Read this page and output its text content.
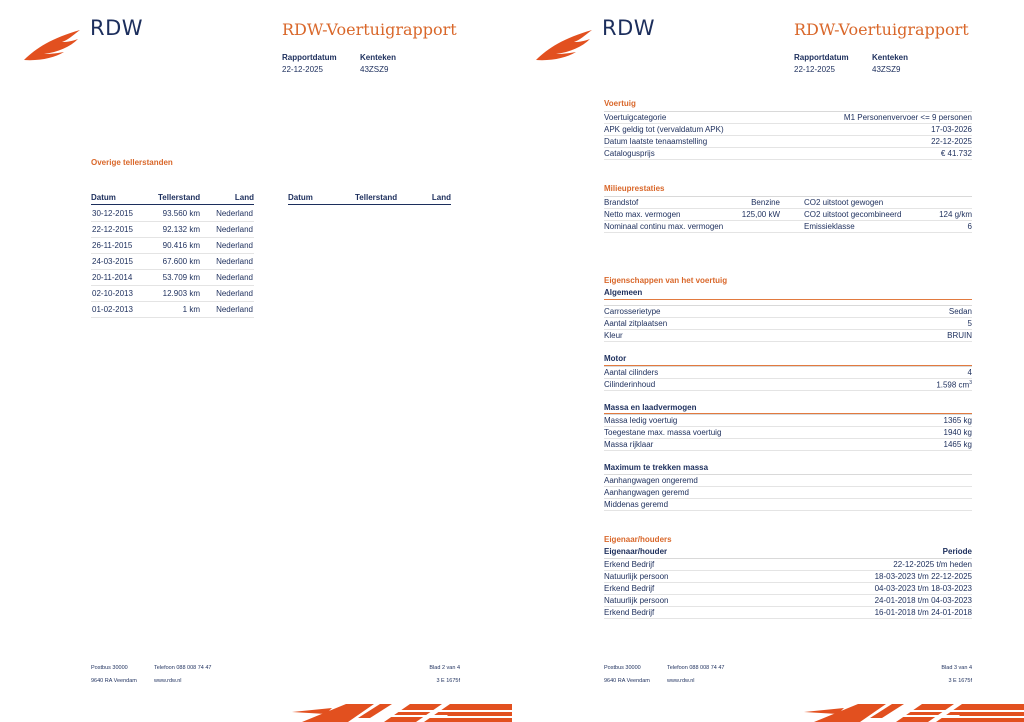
RDW	RDW-Voertuigrapport
Rapportdatum
22-12-2025
Kenteken
43ZSZ9
Overige tellerstanden
Datum	Tellerstand	Land	Datum	Tellerstand	Land
30-12-2015	93.560 km	Nederland
22-12-2015	92.132 km	Nederland
26-11-2015	90.416 km	Nederland
24-03-2015	67.600 km	Nederland
20-11-2014	53.709 km	Nederland
02-10-2013	12.903 km	Nederland
01-02-2013	1 km	Nederland
Postbus 30000
9640 RA Veendam
Telefoon 088 008 74 47
www.rdw.nl
Blad 2 van 4
3 E 1675f
RDW	RDW-Voertuigrapport
Rapportdatum
22-12-2025
Kenteken
43ZSZ9
Voertuig
Voertuigcategorie	M1 Personenvervoer <= 9 personen
APK geldig tot (vervaldatum APK)	17-03-2026
Datum laatste tenaamstelling	22-12-2025
Catalogusprijs	€ 41.732
Milieuprestaties
Brandstof	Benzine	CO2 uitstoot gewogen	
Netto max. vermogen	125,00 kW	CO2 uitstoot gecombineerd	124 g/km
Nominaal continu max. vermogen		Emissieklasse	6
Eigenschappen van het voertuig
Algemeen
Carrosserietype	Sedan
Aantal zitplaatsen	5
Kleur	BRUIN
Motor
Aantal cilinders	4
Cilinderinhoud	1.598 $cm^3$
Massa en laadvermogen
Massa ledig voertuig	1365 kg
Toegestane max. massa voertuig	1940 kg
Massa rijklaar	1465 kg
Maximum te trekken massa
Aanhangwagen ongeremd	
Aanhangwagen geremd	
Middenas geremd	
Eigenaar/houders
Eigenaar/houder	Periode
Erkend Bedrijf	22-12-2025 t/m heden
Natuurlijk persoon	18-03-2023 t/m 22-12-2025
Erkend Bedrijf	04-03-2023 t/m 18-03-2023
Natuurlijk persoon	24-01-2018 t/m 04-03-2023
Erkend Bedrijf	16-01-2018 t/m 24-01-2018
Postbus 30000
9640 RA Veendam
Telefoon 088 008 74 47
www.rdw.nl
Blad 3 van 4
3 E 1675f
